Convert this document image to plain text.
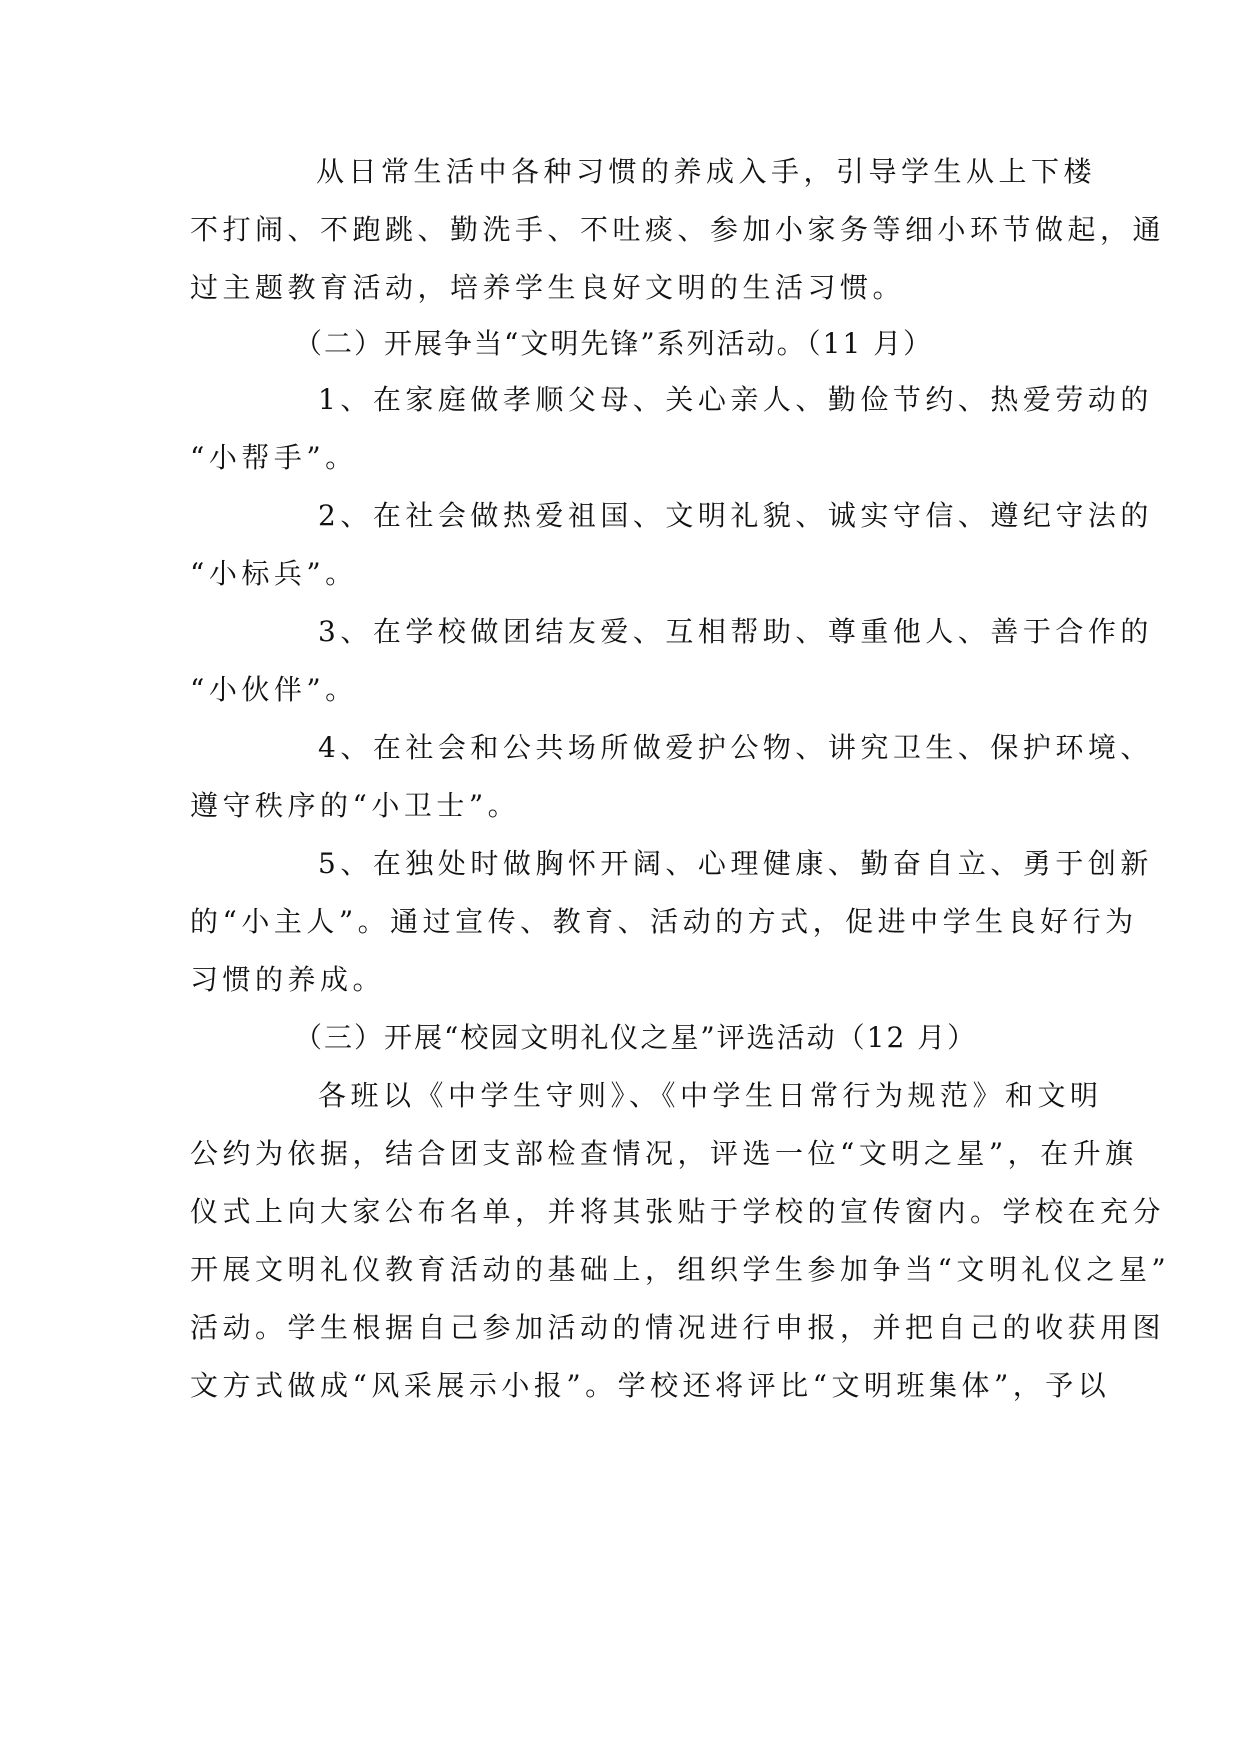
从日常生活中各种习惯的养成入手，引导学生从上下楼
不打闹、不跑跳、勤洗手、不吐痰、参加小家务等细小环节做起，通
过主题教育活动，培养学生良好文明的生活习惯。
（二）开展争当“文明先锋”系列活动。（11 月）
1、在家庭做孝顺父母、关心亲人、勤俭节约、热爱劳动的
“小帮手”。
2、在社会做热爱祖国、文明礼貌、诚实守信、遵纪守法的
“小标兵”。
3、在学校做团结友爱、互相帮助、尊重他人、善于合作的
“小伙伴”。
4、在社会和公共场所做爱护公物、讲究卫生、保护环境、
遵守秩序的“小卫士”。
5、在独处时做胸怀开阔、心理健康、勤奋自立、勇于创新
的“小主人”。通过宣传、教育、活动的方式，促进中学生良好行为
习惯的养成。
（三）开展“校园文明礼仪之星”评选活动（12 月）
各班以《中学生守则》、《中学生日常行为规范》和文明
公约为依据，结合团支部检查情况，评选一位“文明之星”，在升旗
仪式上向大家公布名单，并将其张贴于学校的宣传窗内。学校在充分
开展文明礼仪教育活动的基础上，组织学生参加争当“文明礼仪之星”
活动。学生根据自己参加活动的情况进行申报，并把自己的收获用图
文方式做成“风采展示小报”。学校还将评比“文明班集体”，予以
